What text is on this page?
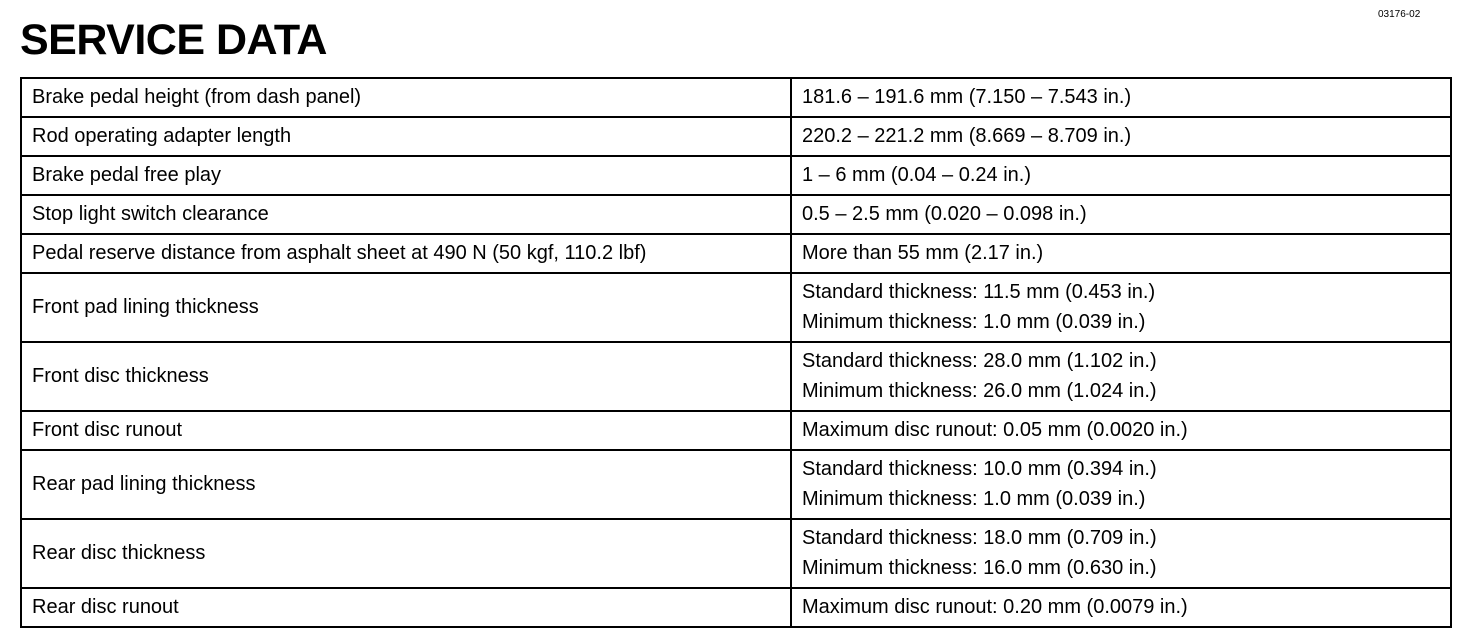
03176-02
SERVICE DATA
Brake pedal height (from dash panel)	181.6 – 191.6 mm (7.150 – 7.543 in.)

Rod operating adapter length	220.2 – 221.2 mm (8.669 – 8.709 in.)

Brake pedal free play	1 – 6 mm (0.04 – 0.24 in.)

Stop light switch clearance	0.5 – 2.5 mm (0.020 – 0.098 in.)

Pedal reserve distance from asphalt sheet at 490 N (50 kgf, 110.2 lbf)	More than 55 mm (2.17 in.)

Front pad lining thickness	Standard thickness: 11.5 mm (0.453 in.)
Minimum thickness: 1.0 mm (0.039 in.)

Front disc thickness	Standard thickness: 28.0 mm (1.102 in.)
Minimum thickness: 26.0 mm (1.024 in.)

Front disc runout	Maximum disc runout: 0.05 mm (0.0020 in.)

Rear pad lining thickness	Standard thickness: 10.0 mm (0.394 in.)
Minimum thickness: 1.0 mm (0.039 in.)

Rear disc thickness	Standard thickness: 18.0 mm (0.709 in.)
Minimum thickness: 16.0 mm (0.630 in.)

Rear disc runout	Maximum disc runout: 0.20 mm (0.0079 in.)
